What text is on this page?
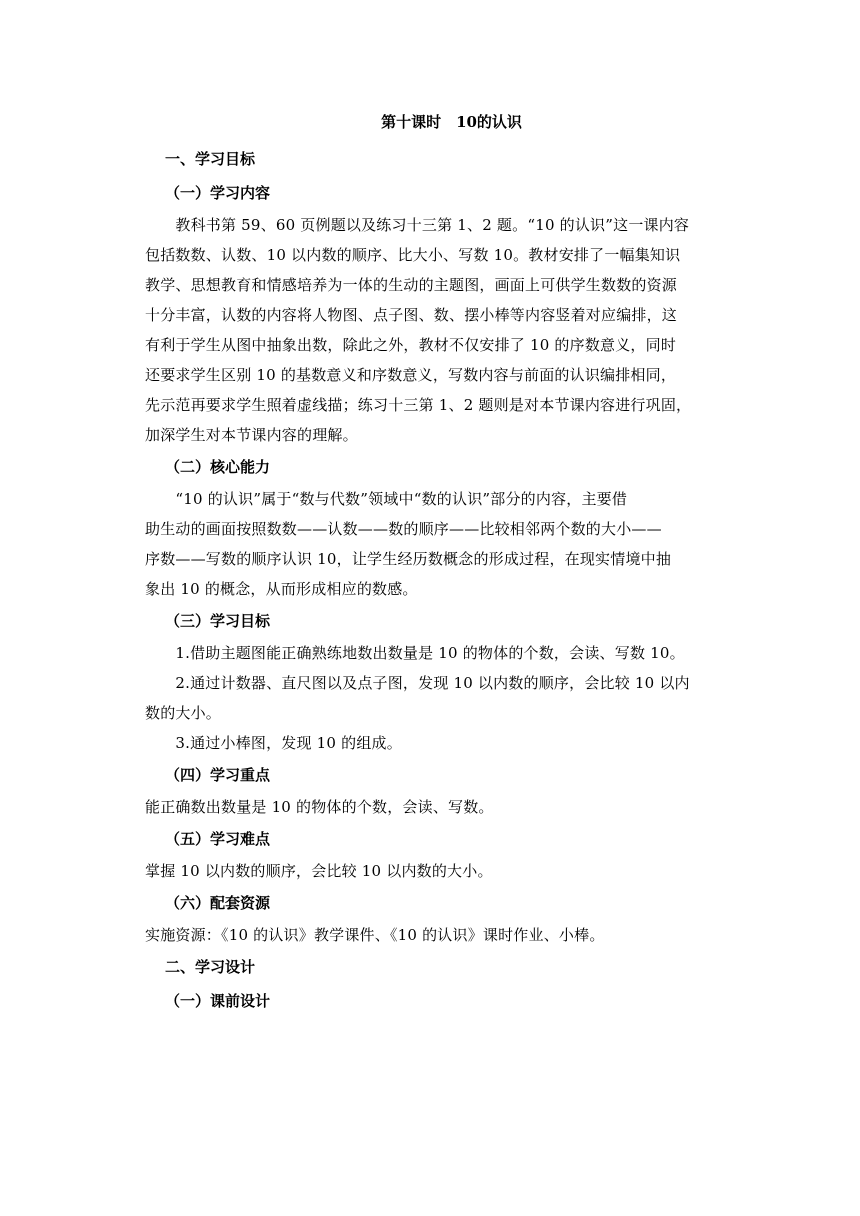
第十课时　10的认识
一、学习目标
（一）学习内容
　　教科书第 59、60 页例题以及练习十三第 1、2 题。“10 的认识”这一课内容
包括数数、认数、10 以内数的顺序、比大小、写数 10。教材安排了一幅集知识
教学、思想教育和情感培养为一体的生动的主题图，画面上可供学生数数的资源
十分丰富，认数的内容将人物图、点子图、数、摆小棒等内容竖着对应编排，这
有利于学生从图中抽象出数，除此之外，教材不仅安排了 10 的序数意义，同时
还要求学生区别 10 的基数意义和序数意义，写数内容与前面的认识编排相同，
先示范再要求学生照着虚线描；练习十三第 1、2 题则是对本节课内容进行巩固，
加深学生对本节课内容的理解。
（二）核心能力
　　“10 的认识”属于“数与代数”领域中“数的认识”部分的内容，主要借
助生动的画面按照数数——认数——数的顺序——比较相邻两个数的大小——
序数——写数的顺序认识 10，让学生经历数概念的形成过程，在现实情境中抽
象出 10 的概念，从而形成相应的数感。
（三）学习目标
　　1.借助主题图能正确熟练地数出数量是 10 的物体的个数，会读、写数 10。
　　2.通过计数器、直尺图以及点子图，发现 10 以内数的顺序，会比较 10 以内
数的大小。
　　3.通过小棒图，发现 10 的组成。
（四）学习重点
能正确数出数量是 10 的物体的个数，会读、写数。
（五）学习难点
掌握 10 以内数的顺序，会比较 10 以内数的大小。
（六）配套资源
实施资源：《10 的认识》教学课件、《10 的认识》课时作业、小棒。
二、学习设计
（一）课前设计
